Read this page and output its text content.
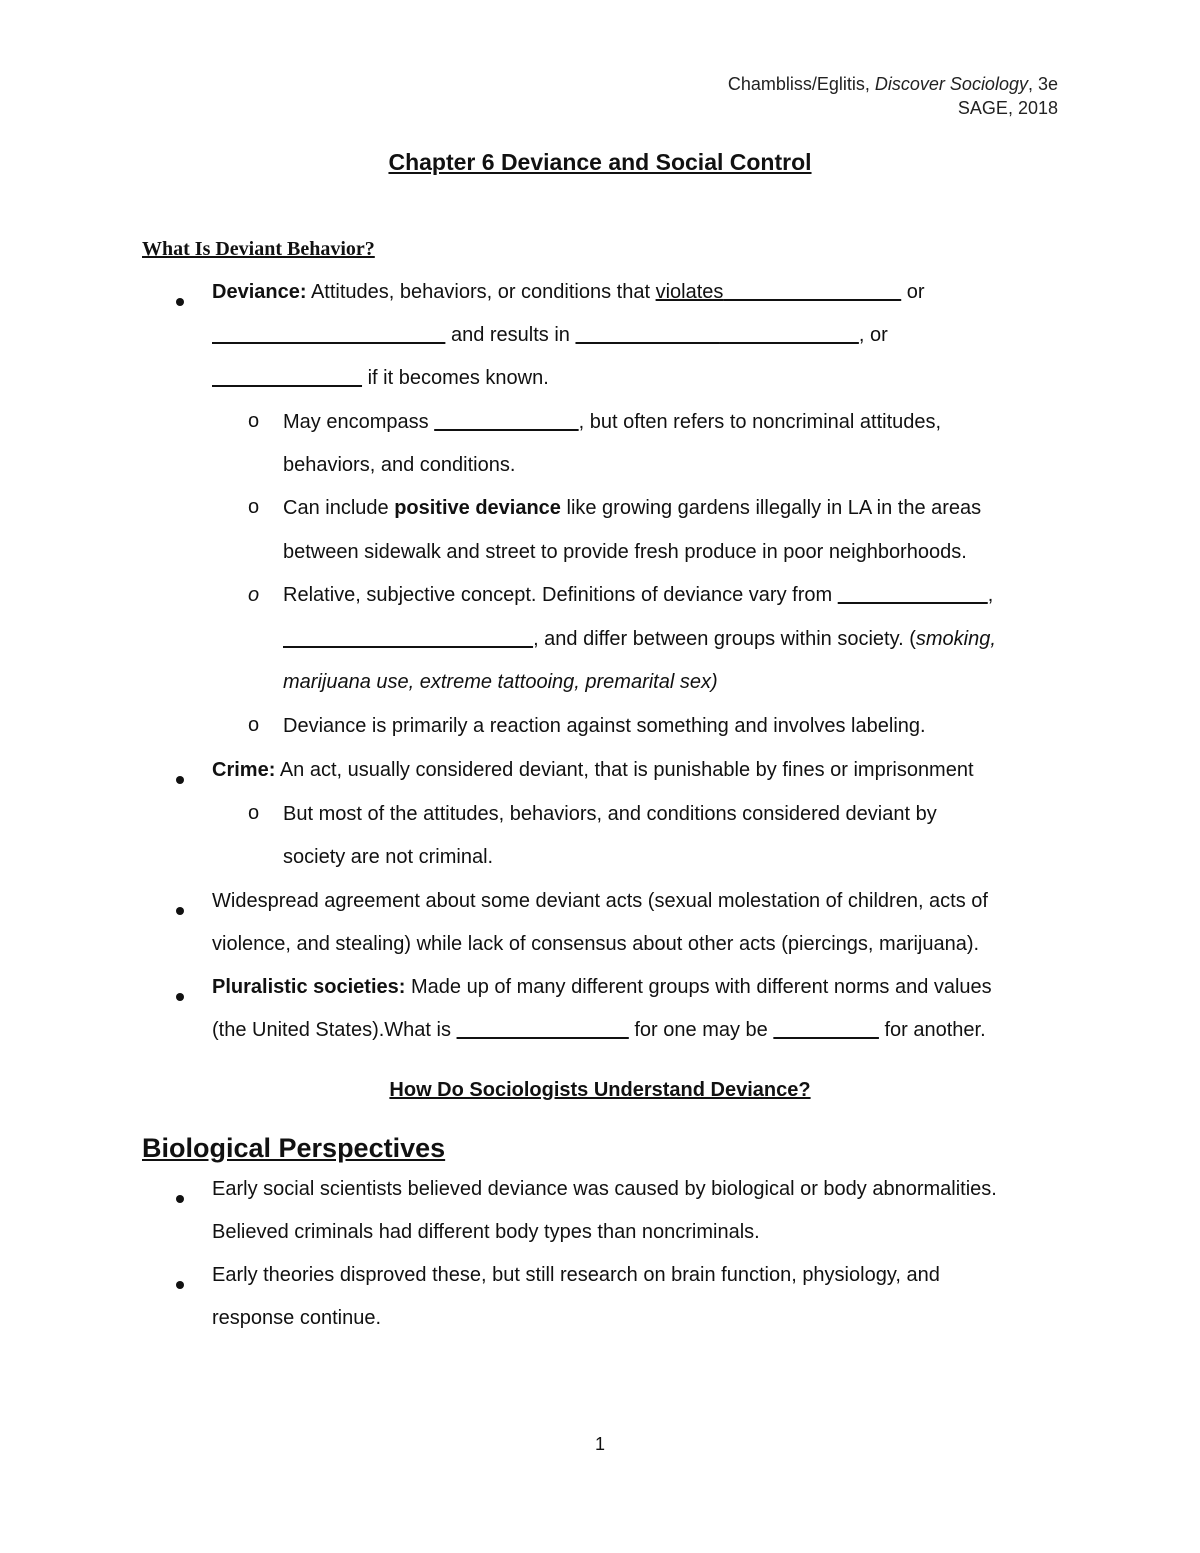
Chambliss/Eglitis, Discover Sociology, 3e
SAGE, 2018
Chapter 6 Deviance and Social Control
What Is Deviant Behavior?
Deviance: Attitudes, behaviors, or conditions that violates	or
and results in	, or
if it becomes known.
o May encompass	, but often refers to noncriminal attitudes,
behaviors, and conditions.
o Can include positive deviance like growing gardens illegally in LA in the areas
between sidewalk and street to provide fresh produce in poor neighborhoods.
o Relative, subjective concept. Definitions of deviance vary from	,
, and differ between groups within society. (smoking,
marijuana use, extreme tattooing, premarital sex)
o Deviance is primarily a reaction against something and involves labeling.
Crime: An act, usually considered deviant, that is punishable by fines or imprisonment
o But most of the attitudes, behaviors, and conditions considered deviant by
society are not criminal.
Widespread agreement about some deviant acts (sexual molestation of children, acts of
violence, and stealing) while lack of consensus about other acts (piercings, marijuana).
Pluralistic societies: Made up of many different groups with different norms and values
(the United States).What is	for one may be	for another.
How Do Sociologists Understand Deviance?
Biological Perspectives
Early social scientists believed deviance was caused by biological or body abnormalities.
Believed criminals had different body types than noncriminals.
Early theories disproved these, but still research on brain function, physiology, and
response continue.
1
